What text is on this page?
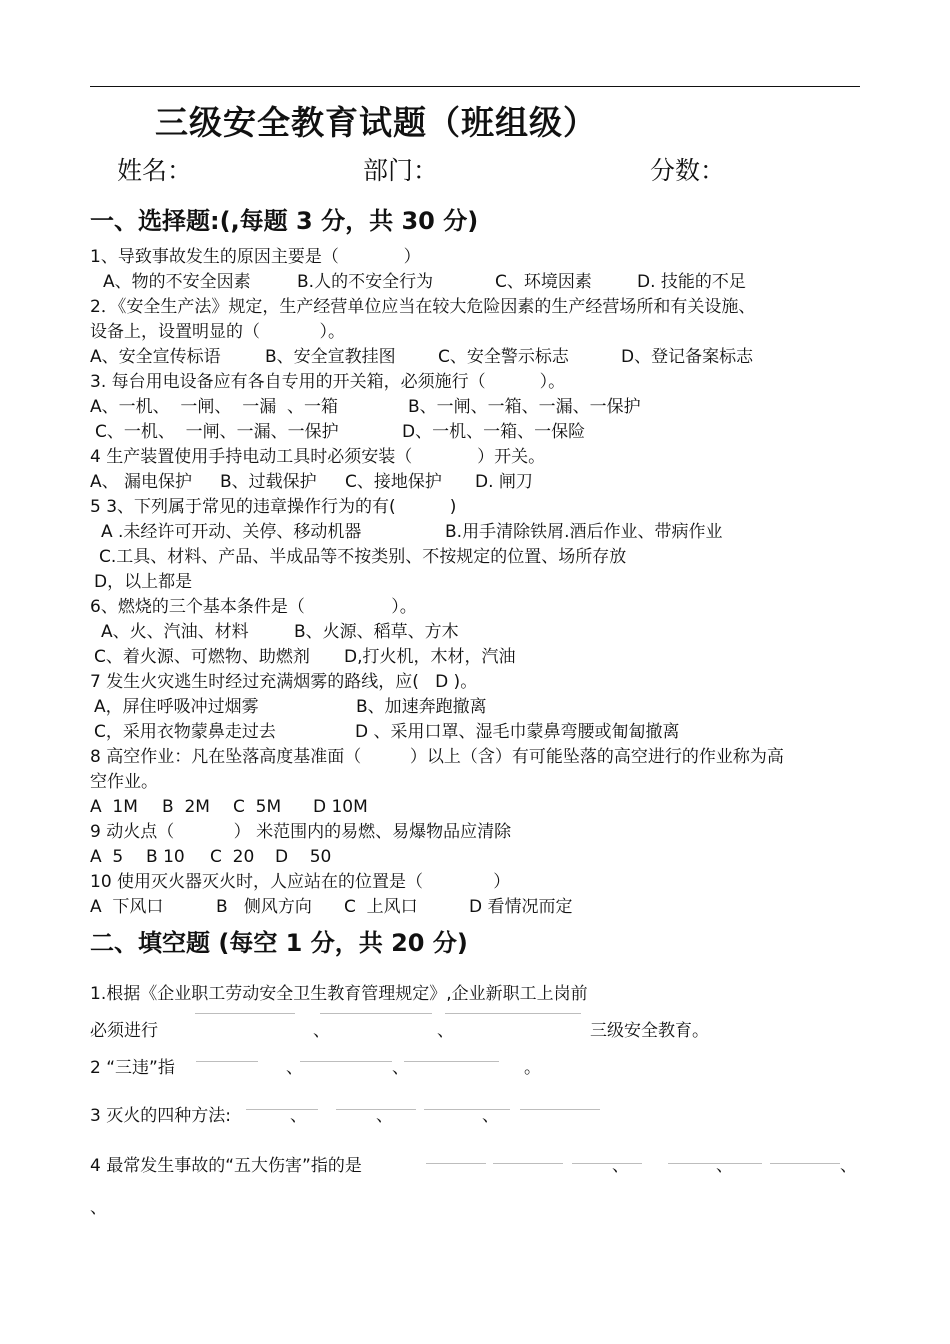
三级安全教育试题（班组级）
姓名：	部门：	分数：
一、选择题:(,每题 3 分，共 30 分)
1、导致事故发生的原因主要是（            ）
A、物的不安全因素	B.人的不安全行为	C、环境因素	D. 技能的不足
2．《安全生产法》规定，生产经营单位应当在较大危险因素的生产经营场所和有关设施、
设备上，设置明显的（           ）。
A、安全宣传标语	B、安全宣教挂图 C、安全警示标志	D、登记备案标志
3. 每台用电设备应有各自专用的开关箱，必须施行（          ）。
A、一机、  一闸、  一漏  、一箱	B、一闸、一箱、一漏、一保护
C、一机、  一闸、一漏、一保护	D、一机、一箱、一保险
4 生产装置使用手持电动工具时必须安装（            ）开关。
A、 漏电保护 B、过载保护 C、接地保护 D. 闸刀
5 3、下列属于常见的违章操作行为的有(          )
A .未经许可开动、关停、移动机器	B.用手清除铁屑.酒后作业、带病作业
C.工具、材料、产品、半成品等不按类别、不按规定的位置、场所存放
D，以上都是
6、燃烧的三个基本条件是（                ）。
A、火、汽油、材料	B、火源、稻草、方木
C、着火源、可燃物、助燃剂 D,打火机，木材，汽油
7 发生火灾逃生时经过充满烟雾的路线，应(   D )。
A，屏住呼吸冲过烟雾	B、加速奔跑撤离
C，采用衣物蒙鼻走过去	D 、采用口罩、湿毛巾蒙鼻弯腰或匍匐撤离
8 高空作业：凡在坠落高度基准面（         ）以上（含）有可能坠落的高空进行的作业称为高
空作业。
A  1M B  2M C  5M D 10M
9 动火点（           ） 米范围内的易燃、易爆物品应清除
A  5 B 10 C  20 D    50
10 使用灭火器灭火时，人应站在的位置是（             ）
A  下风口	B   侧风方向 C  上风口	D 看情况而定
二、填空题 (每空 1 分，共 20 分)
1.根据《企业职工劳动安全卫生教育管理规定》,企业新职工上岗前
必须进行	、	、	三级安全教育。
2 “三违”指	、	、	。
3 灭火的四种方法:	、	、	、
4 最常发生事故的“五大伤害”指的是	、	、	、
、
